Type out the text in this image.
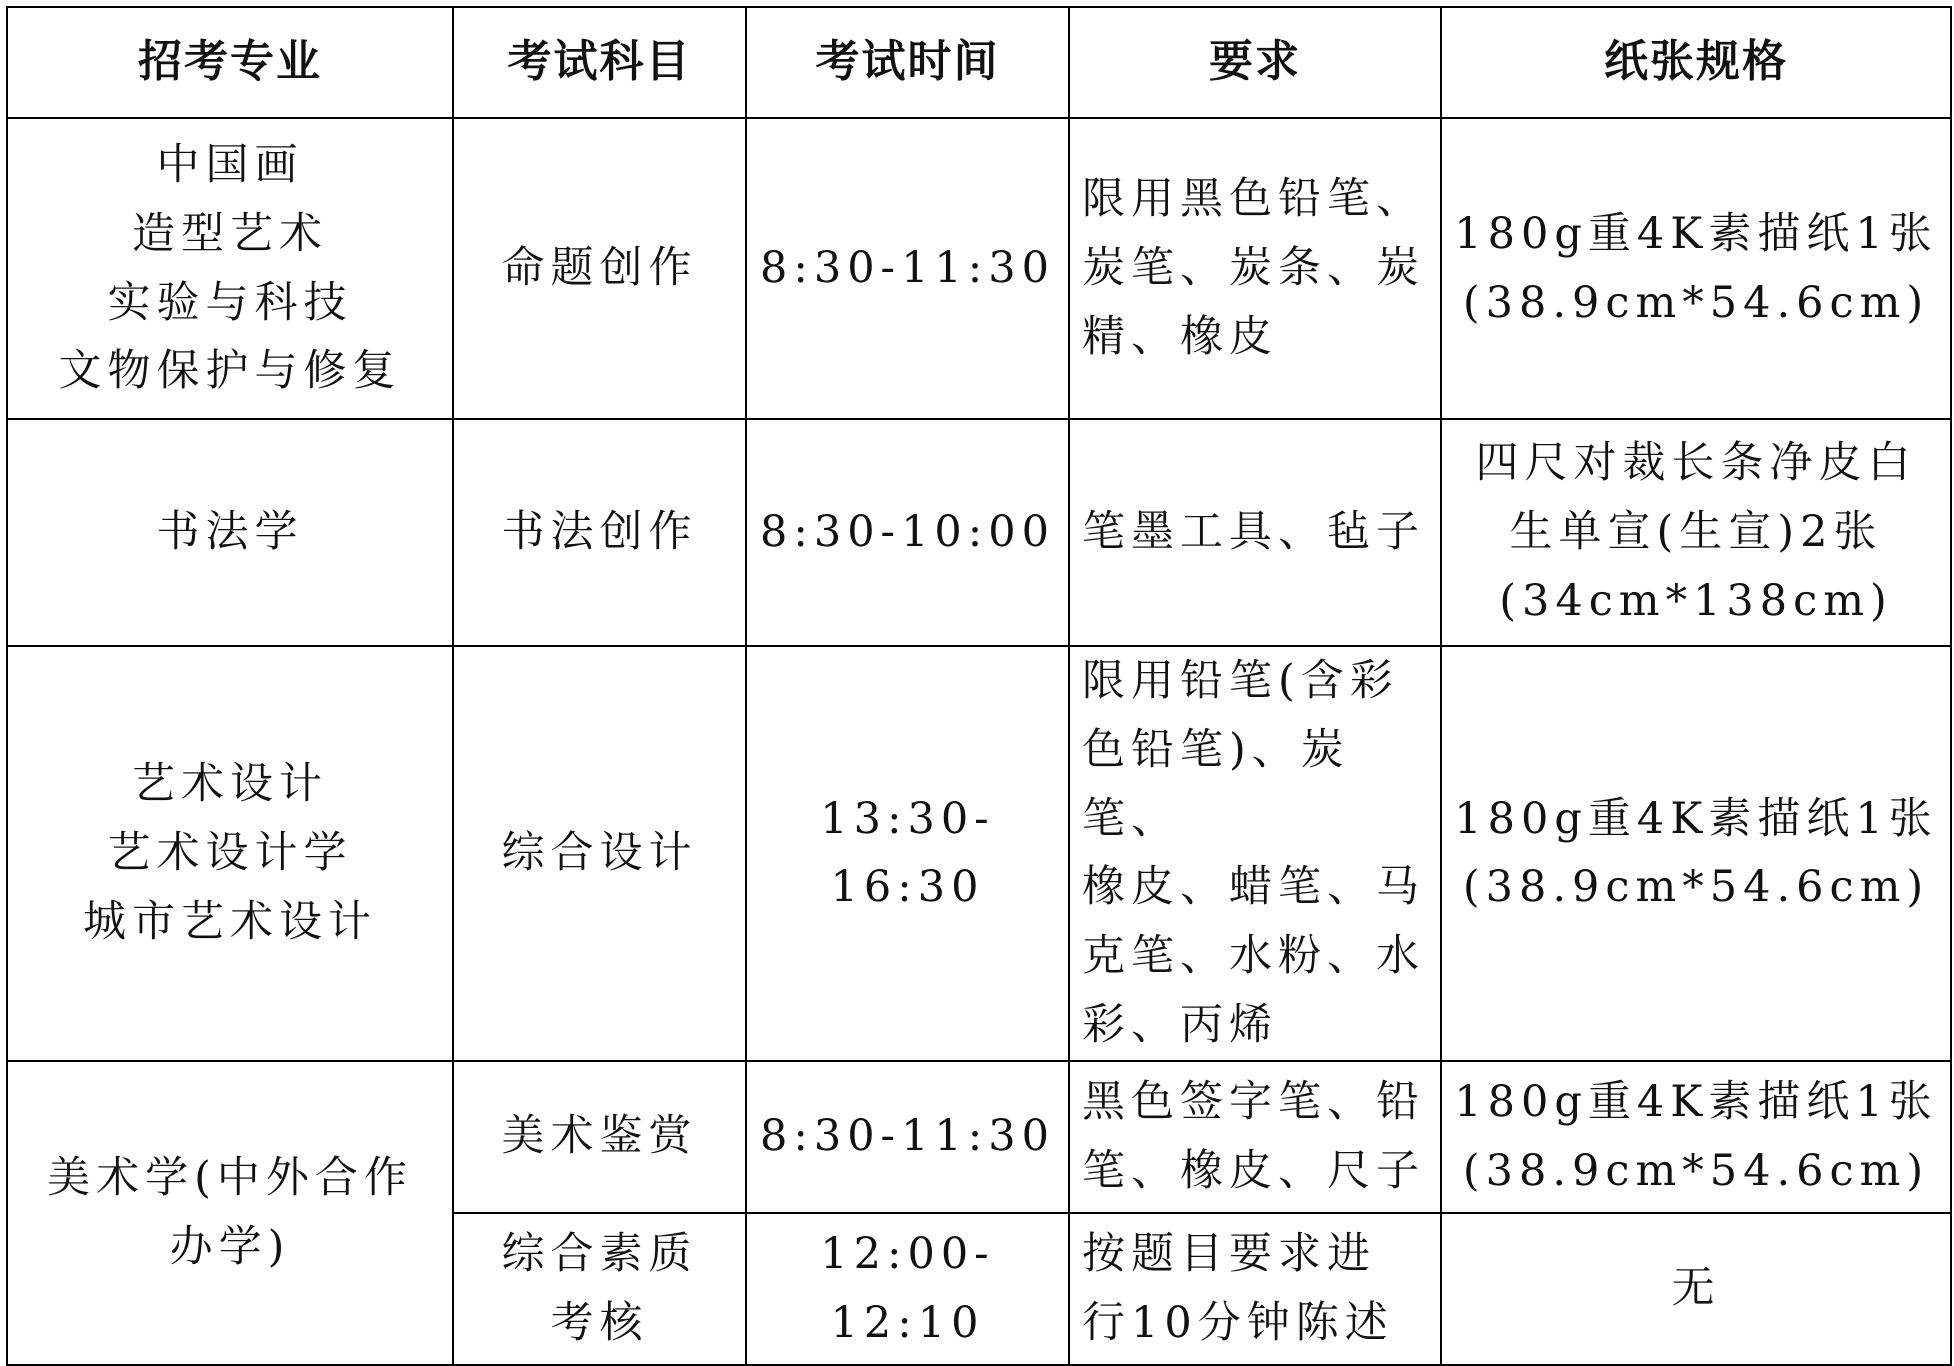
招考专业	考试科目	考试时间	要求	纸张规格

中国画
造型艺术
实验与科技
文物保护与修复	命题创作	8:30-11:30	限用黑色铅笔、
炭笔、炭条、炭
精、橡皮	180g重4K素描纸1张
(38.9cm*54.6cm)

书法学	书法创作	8:30-10:00	笔墨工具、毡子	四尺对裁长条净皮白
生单宣(生宣)2张
(34cm*138cm)

艺术设计
艺术设计学
城市艺术设计	综合设计	13:30-16:30	限用铅笔(含彩
色铅笔)、炭笔、
橡皮、蜡笔、马
克笔、水粉、水
彩、丙烯	180g重4K素描纸1张
(38.9cm*54.6cm)

美术学(中外合作
办学)	美术鉴赏	8:30-11:30	黑色签字笔、铅
笔、橡皮、尺子	180g重4K素描纸1张
(38.9cm*54.6cm)

	综合素质
考核	12:00-12:10	按题目要求进
行10分钟陈述	无
